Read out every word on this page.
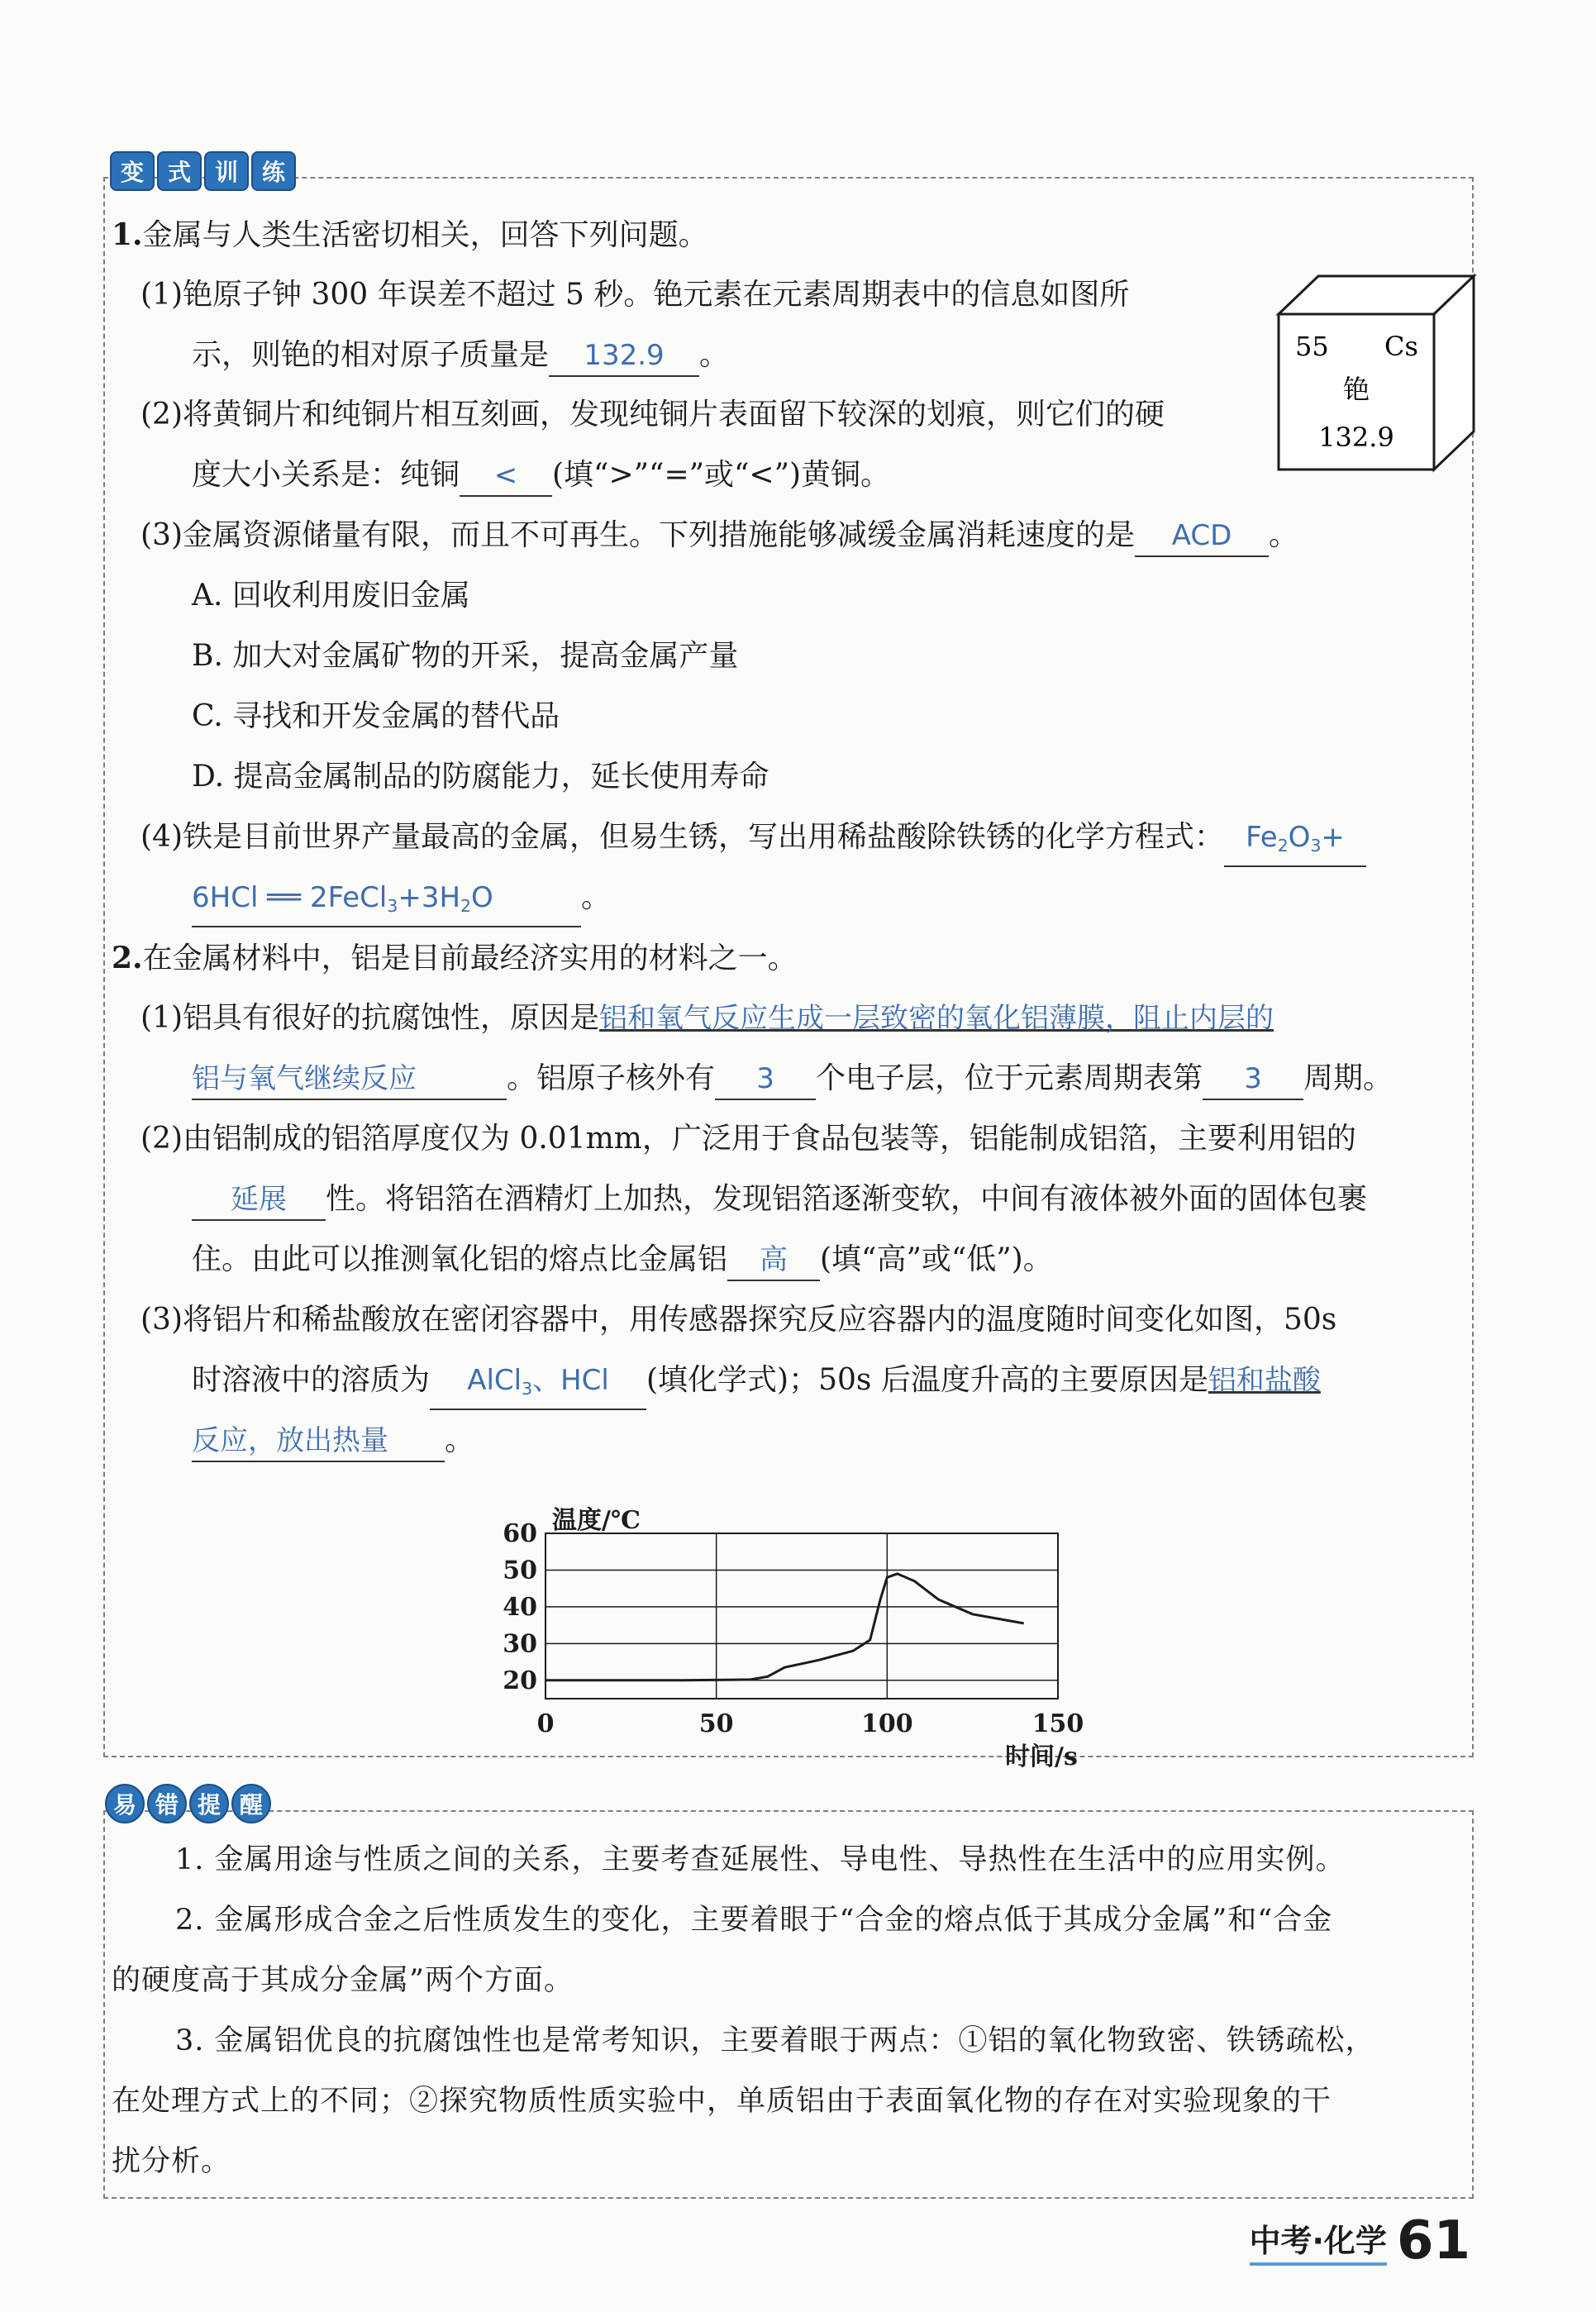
变	式	训	练
1.金属与人类生活密切相关，回答下列问题。
(1)铯原子钟 300 年误差不超过 5 秒。铯元素在元素周期表中的信息如图所
示，则铯的相对原子质量是 132.9 。
(2)将黄铜片和纯铜片相互刻画，发现纯铜片表面留下较深的划痕，则它们的硬
度大小关系是：纯铜 < (填“>”“=”或“<”)黄铜。
(3)金属资源储量有限，而且不可再生。下列措施能够减缓金属消耗速度的是 ACD 。
A. 回收利用废旧金属
B. 加大对金属矿物的开采，提高金属产量
C. 寻找和开发金属的替代品
D. 提高金属制品的防腐能力，延长使用寿命
(4)铁是目前世界产量最高的金属，但易生锈，写出用稀盐酸除铁锈的化学方程式： $Fe_2O_3+$
6HCl ══ $2FeCl_3+3H_2O$	。
55 Cs
铯
132.9
2.在金属材料中，铝是目前最经济实用的材料之一。
(1)铝具有很好的抗腐蚀性，原因是铝和氧气反应生成一层致密的氧化铝薄膜，阻止内层的
铝与氧气继续反应	。铝原子核外有 3 个电子层，位于元素周期表第 3 周期。
(2)由铝制成的铝箔厚度仅为 0.01mm，广泛用于食品包装等，铝能制成铝箔，主要利用铝的
延展 性。将铝箔在酒精灯上加热，发现铝箔逐渐变软，中间有液体被外面的固体包裹
住。由此可以推测氧化铝的熔点比金属铝 高 (填“高”或“低”)。
(3)将铝片和稀盐酸放在密闭容器中，用传感器探究反应容器内的温度随时间变化如图，50s
时溶液中的溶质为 AlCl$_3$、HCl (填化学式)；50s 后温度升高的主要原因是铝和盐酸
反应，放出热量 。
20
30
40
50
60
0	50	100	150
温度/℃
时间/s
易 错 提 醒
1. 金属用途与性质之间的关系，主要考查延展性、导电性、导热性在生活中的应用实例。
2. 金属形成合金之后性质发生的变化，主要着眼于“合金的熔点低于其成分金属”和“合金
的硬度高于其成分金属”两个方面。
3. 金属铝优良的抗腐蚀性也是常考知识，主要着眼于两点：①铝的氧化物致密、铁锈疏松，
在处理方式上的不同；②探究物质性质实验中，单质铝由于表面氧化物的存在对实验现象的干
扰分析。
中考·化学 61
